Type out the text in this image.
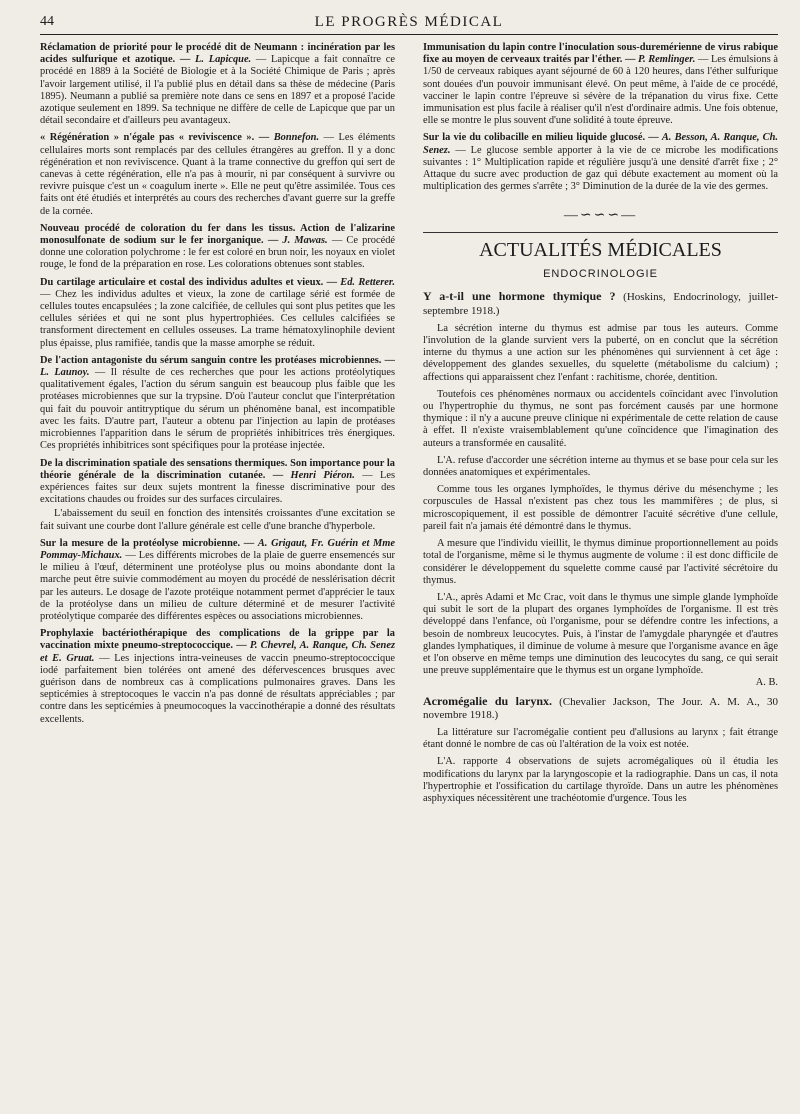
44	LE PROGRÈS MÉDICAL

Réclamation de priorité pour le procédé dit de Neumann : incinération par les acides sulfurique et azotique. — L. Lapicque. — Lapicque a fait connaître ce procédé en 1889 à la Société de Biologie et à la Société Chimique de Paris ; après l'avoir largement utilisé, il l'a publié plus en détail dans sa thèse de médecine (Paris 1895). Neumann a publié sa première note dans ce sens en 1897 et a proposé l'acide azotique seulement en 1899. Sa technique ne diffère de celle de Lapicque que par un détail secondaire et d'ailleurs peu avantageux.

« Régénération » n'égale pas « reviviscence ». — Bonnefon. — Les éléments cellulaires morts sont remplacés par des cellules étrangères au greffon. Il y a donc régénération et non reviviscence. Quant à la trame connective du greffon qui sert de canevas à cette régénération, elle n'a pas à mourir, ni par conséquent à survivre ou revivre puisque c'est un « coagulum inerte ». Elle ne peut qu'être assimilée. Tous ces faits ont été étudiés et interprétés au cours des recherches d'avant guerre sur la greffe de la cornée.

Nouveau procédé de coloration du fer dans les tissus. Action de l'alizarine monosulfonate de sodium sur le fer inorganique. — J. Mawas. — Ce procédé donne une coloration polychrome : le fer est coloré en brun noir, les noyaux en violet rouge, le fond de la préparation en rose. Les colorations obtenues sont stables.

Du cartilage articulaire et costal des individus adultes et vieux. — Ed. Retterer. — Chez les individus adultes et vieux, la zone de cartilage sérié est formée de cellules toutes encapsulées ; la zone calcifiée, de cellules qui sont plus petites que les cellules sériées et qui ne sont plus hypertrophiées. Ces cellules calcifiées se transforment directement en cellules osseuses. La trame hématoxylinophile devient plus épaisse, plus ramifiée, tandis que la masse amorphe se réduit.

De l'action antagoniste du sérum sanguin contre les protéases microbiennes. — L. Launoy. — Il résulte de ces recherches que pour les actions protéolytiques qualitativement égales, l'action du sérum sanguin est beaucoup plus faible que les protéases microbiennes que sur la trypsine. D'où l'auteur conclut que l'interprétation qui fait du pouvoir antitryptique du sérum un phénomène banal, est incompatible avec les faits. D'autre part, l'auteur a obtenu par l'injection au lapin de protéases microbiennes l'apparition dans le sérum de propriétés inhibitrices très énergiques. Ces propriétés inhibitrices sont spécifiques pour la protéase injectée.

De la discrimination spatiale des sensations thermiques. Son importance pour la théorie générale de la discrimination cutanée. — Henri Piéron. — Les expériences faites sur deux sujets montrent la finesse discriminative pour des excitations chaudes ou froides sur des surfaces circulaires.

L'abaissement du seuil en fonction des intensités croissantes d'une excitation se fait suivant une courbe dont l'allure générale est celle d'une branche d'hyperbole.

Sur la mesure de la protéolyse microbienne. — A. Grigaut, Fr. Guérin et Mme Pommay-Michaux. — Les différents microbes de la plaie de guerre ensemencés sur le milieu à l'œuf, déterminent une protéolyse plus ou moins abondante dont la marche peut être suivie commodément au moyen du procédé de nesslérisation décrit par les auteurs. Le dosage de l'azote protéique notamment permet d'apprécier le taux de la protéolyse dans un milieu de culture déterminé et de mesurer l'activité protéolytique comparée des différentes espèces ou associations microbiennes.

Prophylaxie bactériothérapique des complications de la grippe par la vaccination mixte pneumo-streptococcique. — P. Chevrel, A. Ranque, Ch. Senez et E. Gruat. — Les injections intra-veineuses de vaccin pneumo-streptococcique iodé parfaitement bien tolérées ont amené des défervescences brusques avec guérison dans de nombreux cas à complications pulmonaires graves. Dans les septicémies à streptocoques le vaccin n'a pas donné de résultats appréciables ; par contre dans les septicémies à pneumocoques la vaccinothérapie a donné des résultats excellents.

Immunisation du lapin contre l'inoculation sous-duremérienne de virus rabique fixe au moyen de cerveaux traités par l'éther. — P. Remlinger. — Les émulsions à 1/50 de cerveaux rabiques ayant séjourné de 60 à 120 heures, dans l'éther sulfurique sont douées d'un pouvoir immunisant élevé. On peut même, à l'aide de ce procédé, vacciner le lapin contre l'épreuve si sévère de la trépanation du virus fixe. Cette immunisation est plus facile à réaliser qu'il n'est d'ordinaire admis. Une fois obtenue, elle se montre le plus souvent d'une solidité à toute épreuve.

Sur la vie du colibacille en milieu liquide glucosé. — A. Besson, A. Ranque, Ch. Senez. — Le glucose semble apporter à la vie de ce microbe les modifications suivantes : 1° Multiplication rapide et régulière jusqu'à une densité d'arrêt fixe ; 2° Attaque du sucre avec production de gaz qui débute exactement au moment où la multiplication des germes s'arrête ; 3° Diminution de la durée de la vie des germes.

—∽∽∽—
ACTUALITÉS MÉDICALES
ENDOCRINOLOGIE

Y a-t-il une hormone thymique ? (Hoskins, Endocrinology, juillet-septembre 1918.)

La sécrétion interne du thymus est admise par tous les auteurs. Comme l'involution de la glande survient vers la puberté, on en conclut que la sécrétion interne du thymus a une action sur les phénomènes qui surviennent à cet âge : développement des glandes sexuelles, du squelette (métabolisme du calcium) ; affections qui apparaissent chez l'enfant : rachitisme, chorée, dentition.

Toutefois ces phénomènes normaux ou accidentels coïncidant avec l'involution ou l'hypertrophie du thymus, ne sont pas forcément causés par une hormone thymique : il n'y a aucune preuve clinique ni expérimentale de cette relation de cause à effet. Il n'existe vraisemblablement qu'une coïncidence que l'imagination des auteurs a transformée en causalité.

L'A. refuse d'accorder une sécrétion interne au thymus et se base pour cela sur les données anatomiques et expérimentales.

Comme tous les organes lymphoïdes, le thymus dérive du mésenchyme ; les corpuscules de Hassal n'existent pas chez tous les mammifères ; de plus, si microscopiquement, il est possible de démontrer l'acuité sécrétive d'une cellule, pareil fait n'a jamais été démontré dans le thymus.

A mesure que l'individu vieillit, le thymus diminue proportionnellement au poids total de l'organisme, même si le thymus augmente de volume : il est donc difficile de considérer le développement du squelette comme causé par l'activité sécrétoire du thymus.

L'A., après Adami et Mc Crac, voit dans le thymus une simple glande lymphoïde qui subit le sort de la plupart des organes lymphoïdes de l'organisme. Il est très développé dans l'enfance, où l'organisme, pour se défendre contre les infections, a besoin de nombreux leucocytes. Puis, à l'instar de l'amygdale pharyngée et d'autres glandes lymphatiques, il diminue de volume à mesure que l'organisme avance en âge et l'on observe en même temps une diminution des leucocytes du sang, ce qui serait une preuve supplémentaire que le thymus est un organe lymphoïde.

A. B.

Acromégalie du larynx. (Chevalier Jackson, The Jour. A. M. A., 30 novembre 1918.)

La littérature sur l'acromégalie contient peu d'allusions au larynx ; fait étrange étant donné le nombre de cas où l'altération de la voix est notée.

L'A. rapporte 4 observations de sujets acromégaliques où il étudia les modifications du larynx par la laryngoscopie et la radiographie. Dans un cas, il nota l'hypertrophie et l'ossification du cartilage thyroïde. Dans un autre les phénomènes asphyxiques nécessitèrent une trachéotomie d'urgence. Tous les
